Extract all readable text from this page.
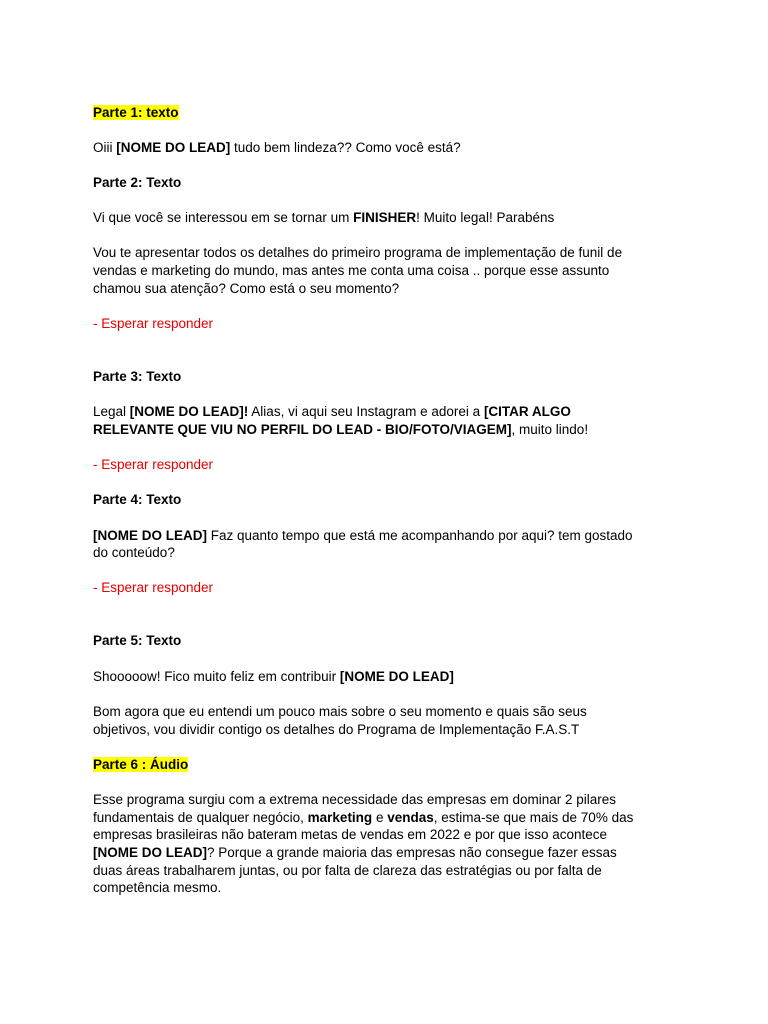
Parte 1: texto
Oiii [NOME DO LEAD] tudo bem lindeza?? Como você está?
Parte 2: Texto
Vi que você se interessou em se tornar um FINISHER! Muito legal! Parabéns
Vou te apresentar todos os detalhes do primeiro programa de implementação de funil de
vendas e marketing do mundo, mas antes me conta uma coisa .. porque esse assunto
chamou sua atenção? Como está o seu momento?
- Esperar responder
Parte 3: Texto
Legal [NOME DO LEAD]! Alias, vi aqui seu Instagram e adorei a [CITAR ALGO
RELEVANTE QUE VIU NO PERFIL DO LEAD - BIO/FOTO/VIAGEM], muito lindo!
- Esperar responder
Parte 4: Texto
[NOME DO LEAD] Faz quanto tempo que está me acompanhando por aqui? tem gostado
do conteúdo?
- Esperar responder
Parte 5: Texto
Shooooow! Fico muito feliz em contribuir [NOME DO LEAD]
Bom agora que eu entendi um pouco mais sobre o seu momento e quais são seus
objetivos, vou dividir contigo os detalhes do Programa de Implementação F.A.S.T
Parte 6 : Áudio
Esse programa surgiu com a extrema necessidade das empresas em dominar 2 pilares
fundamentais de qualquer negócio, marketing e vendas, estima-se que mais de 70% das
empresas brasileiras não bateram metas de vendas em 2022 e por que isso acontece
[NOME DO LEAD]? Porque a grande maioria das empresas não consegue fazer essas
duas áreas trabalharem juntas, ou por falta de clareza das estratégias ou por falta de
competência mesmo.
